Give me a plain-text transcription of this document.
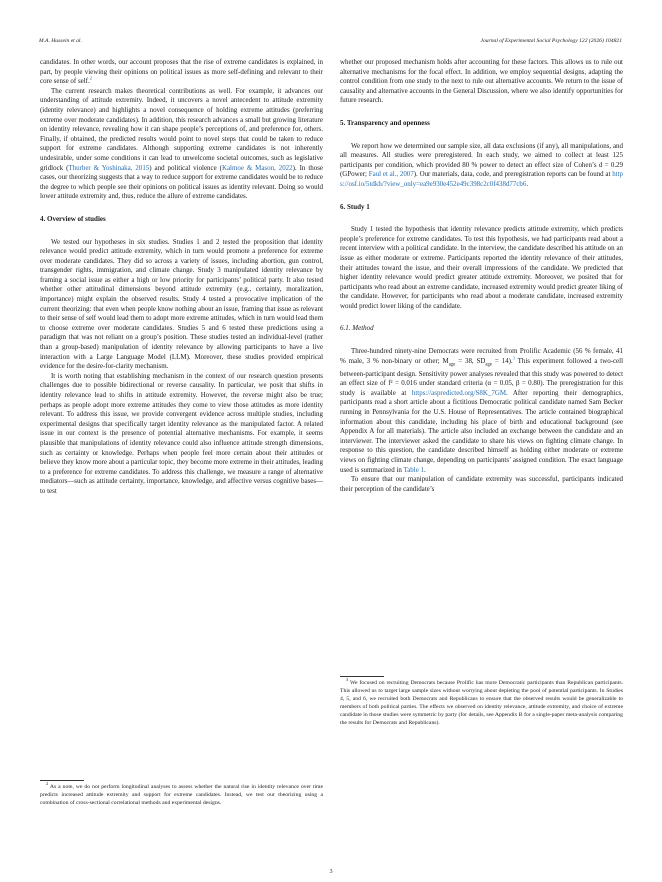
M.A. Hussein et al.	Journal of Experimental Social Psychology 122 (2026) 104821

candidates. In other words, our account proposes that the rise of extreme candidates is explained, in part, by people viewing their opinions on political issues as more self-defining and relevant to their core sense of self.$^2$

The current research makes theoretical contributions as well. For example, it advances our understanding of attitude extremity. Indeed, it uncovers a novel antecedent to attitude extremity (identity relevance) and highlights a novel consequence of holding extreme attitudes (preferring extreme over moderate candidates). In addition, this research advances a small but growing literature on identity relevance, revealing how it can shape people’s perceptions of, and preference for, others. Finally, if obtained, the predicted results would point to novel steps that could be taken to reduce support for extreme candidates. Although supporting extreme candidates is not inherently undesirable, under some conditions it can lead to unwelcome societal outcomes, such as legislative gridlock (Thurber & Yoshinaka, 2015) and political violence (Kalmoe & Mason, 2022). In those cases, our theorizing suggests that a way to reduce support for extreme candidates would be to reduce the degree to which people see their opinions on political issues as identity relevant. Doing so would lower attitude extremity and, thus, reduce the allure of extreme candidates.

4. Overview of studies

We tested our hypotheses in six studies. Studies 1 and 2 tested the proposition that identity relevance would predict attitude extremity, which in turn would promote a preference for extreme over moderate candidates. They did so across a variety of issues, including abortion, gun control, transgender rights, immigration, and climate change. Study 3 manipulated identity relevance by framing a social issue as either a high or low priority for participants’ political party. It also tested whether other attitudinal dimensions beyond attitude extremity (e.g., certainty, moralization, importance) might explain the observed results. Study 4 tested a provocative implication of the current theorizing: that even when people know nothing about an issue, framing that issue as relevant to their sense of self would lead them to adopt more extreme attitudes, which in turn would lead them to choose extreme over moderate candidates. Studies 5 and 6 tested these predictions using a paradigm that was not reliant on a group’s position. These studies tested an individual-level (rather than a group-based) manipulation of identity relevance by allowing participants to have a live interaction with a Large Language Model (LLM). Moreover, these studies provided empirical evidence for the desire-for-clarity mechanism.

It is worth noting that establishing mechanism in the context of our research question presents challenges due to possible bidirectional or reverse causality. In particular, we posit that shifts in identity relevance lead to shifts in attitude extremity. However, the reverse might also be true; perhaps as people adopt more extreme attitudes they come to view those attitudes as more identity relevant. To address this issue, we provide convergent evidence across multiple studies, including experimental designs that specifically target identity relevance as the manipulated factor. A related issue in our context is the presence of potential alternative mechanisms. For example, it seems plausible that manipulations of identity relevance could also influence attitude strength dimensions, such as certainty or knowledge. Perhaps when people feel more certain about their attitudes or believe they know more about a particular topic, they become more extreme in their attitudes, leading to a preference for extreme candidates. To address this challenge, we measure a range of alternative mediators—such as attitude certainty, importance, knowledge, and affective versus cognitive bases—to test

whether our proposed mechanism holds after accounting for these factors. This allows us to rule out alternative mechanisms for the focal effect. In addition, we employ sequential designs, adapting the control condition from one study to the next to rule out alternative accounts. We return to the issue of causality and alternative accounts in the General Discussion, where we also identify opportunities for future research.

5. Transparency and openness

We report how we determined our sample size, all data exclusions (if any), all manipulations, and all measures. All studies were preregistered. In each study, we aimed to collect at least 125 participants per condition, which provided 80 % power to detect an effect size of Cohen’s d = 0.29 (GPower; Faul et al., 2007). Our materials, data, code, and preregistration reports can be found at https://osf.io/5tdkh/?view_only=ea9e930e452e49c398c2c0f438d77cb6.

6. Study 1

Study 1 tested the hypothesis that identity relevance predicts attitude extremity, which predicts people’s preference for extreme candidates. To test this hypothesis, we had participants read about a recent interview with a political candidate. In the interview, the candidate described his attitude on an issue as either moderate or extreme. Participants reported the identity relevance of their attitudes, their attitudes toward the issue, and their overall impressions of the candidate. We predicted that higher identity relevance would predict greater attitude extremity. Moreover, we posited that for participants who read about an extreme candidate, increased extremity would predict greater liking of the candidate. However, for participants who read about a moderate candidate, increased extremity would predict lower liking of the candidate.

6.1. Method

Three-hundred ninety-nine Democrats were recruited from Prolific Academic (56 % female, 41 % male, 3 % non-binary or other; $M_{age} = 38$, $SD_{age} = 14).^3$ This experiment followed a two-cell between-participant design. Sensitivity power analyses revealed that this study was powered to detect an effect size of f² = 0.016 under standard criteria (α = 0.05, β = 0.80). The preregistration for this study is available at https://aspredicted.org/S8K_7GM. After reporting their demographics, participants read a short article about a fictitious Democratic political candidate named Sam Becker running in Pennsylvania for the U.S. House of Representatives. The article contained biographical information about this candidate, including his place of birth and educational background (see Appendix A for all materials). The article also included an exchange between the candidate and an interviewer. The interviewer asked the candidate to share his views on fighting climate change. In response to this question, the candidate described himself as holding either moderate or extreme views on fighting climate change, depending on participants’ assigned condition. The exact language used is summarized in Table 1.

To ensure that our manipulation of candidate extremity was successful, participants indicated their perception of the candidate’s

$^2$ As a note, we do not perform longitudinal analyses to assess whether the natural rise in identity relevance over time predicts increased attitude extremity and support for extreme candidates. Instead, we test our theorizing using a combination of cross-sectional correlational methods and experimental designs.

$^3$ We focused on recruiting Democrats because Prolific has more Democratic participants than Republican participants. This allowed us to target large sample sizes without worrying about depleting the pool of potential participants. In Studies 4, 5, and 6, we recruited both Democrats and Republicans to ensure that the observed results would be generalizable to members of both political parties. The effects we observed on identity relevance, attitude extremity, and choice of extreme candidate in those studies were symmetric by party (for details, see Appendix B for a single-paper meta-analysis comparing the results for Democrats and Republicans).

3
